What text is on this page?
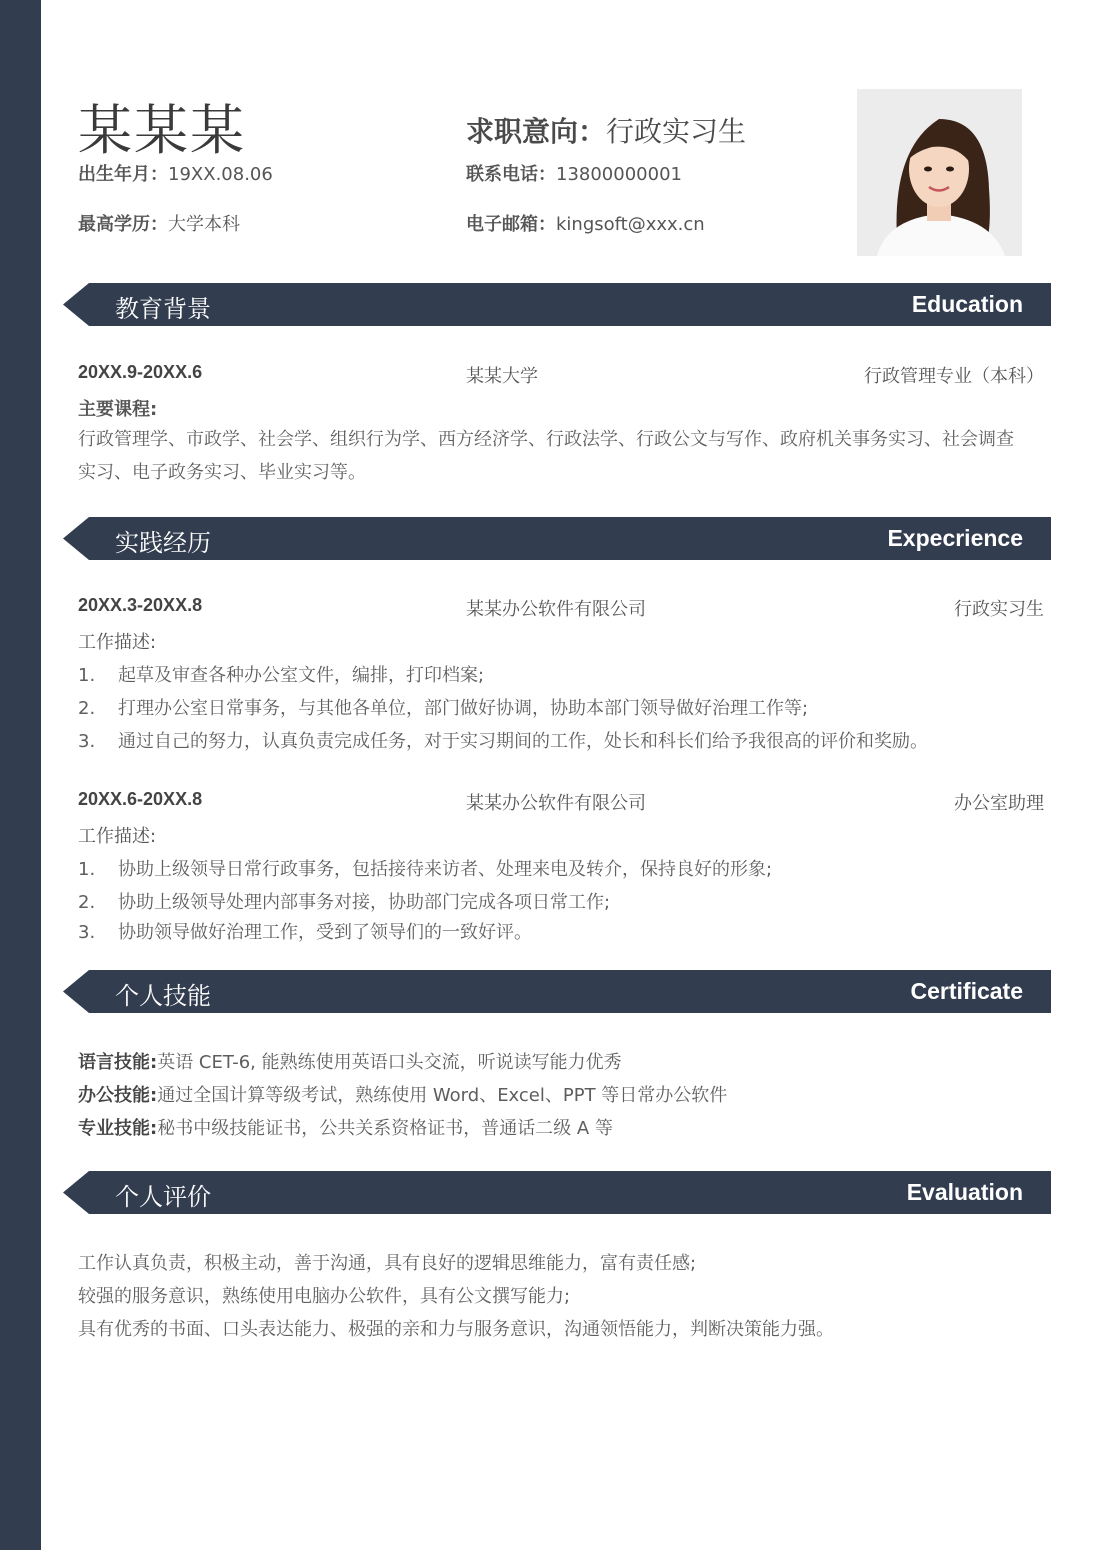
某某某	求职意向：行政实习生
出生年月：19XX.08.06	联系电话：13800000001
最高学历：大学本科	电子邮箱：kingsoft@xxx.cn
教育背景	Education
20XX.9-20XX.6	某某大学	行政管理专业（本科）
主要课程:
行政管理学、市政学、社会学、组织行为学、西方经济学、行政法学、行政公文与写作、政府机关事务实习、社会调查实习、电子政务实习、毕业实习等。
实践经历	Expecrience
20XX.3-20XX.8	某某办公软件有限公司	行政实习生
工作描述:
1. 起草及审查各种办公室文件，编排，打印档案;
2. 打理办公室日常事务，与其他各单位，部门做好协调，协助本部门领导做好治理工作等;
3. 通过自己的努力，认真负责完成任务，对于实习期间的工作，处长和科长们给予我很高的评价和奖励。
20XX.6-20XX.8	某某办公软件有限公司	办公室助理
工作描述:
1. 协助上级领导日常行政事务，包括接待来访者、处理来电及转介，保持良好的形象;
2. 协助上级领导处理内部事务对接，协助部门完成各项日常工作;
3. 协助领导做好治理工作，受到了领导们的一致好评。
个人技能	Certificate
语言技能:英语 CET-6, 能熟练使用英语口头交流，听说读写能力优秀
办公技能:通过全国计算等级考试，熟练使用 Word、Excel、PPT 等日常办公软件
专业技能:秘书中级技能证书，公共关系资格证书，普通话二级 A 等
个人评价	Evaluation
工作认真负责，积极主动，善于沟通，具有良好的逻辑思维能力，富有责任感;
较强的服务意识，熟练使用电脑办公软件，具有公文撰写能力;
具有优秀的书面、口头表达能力、极强的亲和力与服务意识，沟通领悟能力，判断决策能力强。
